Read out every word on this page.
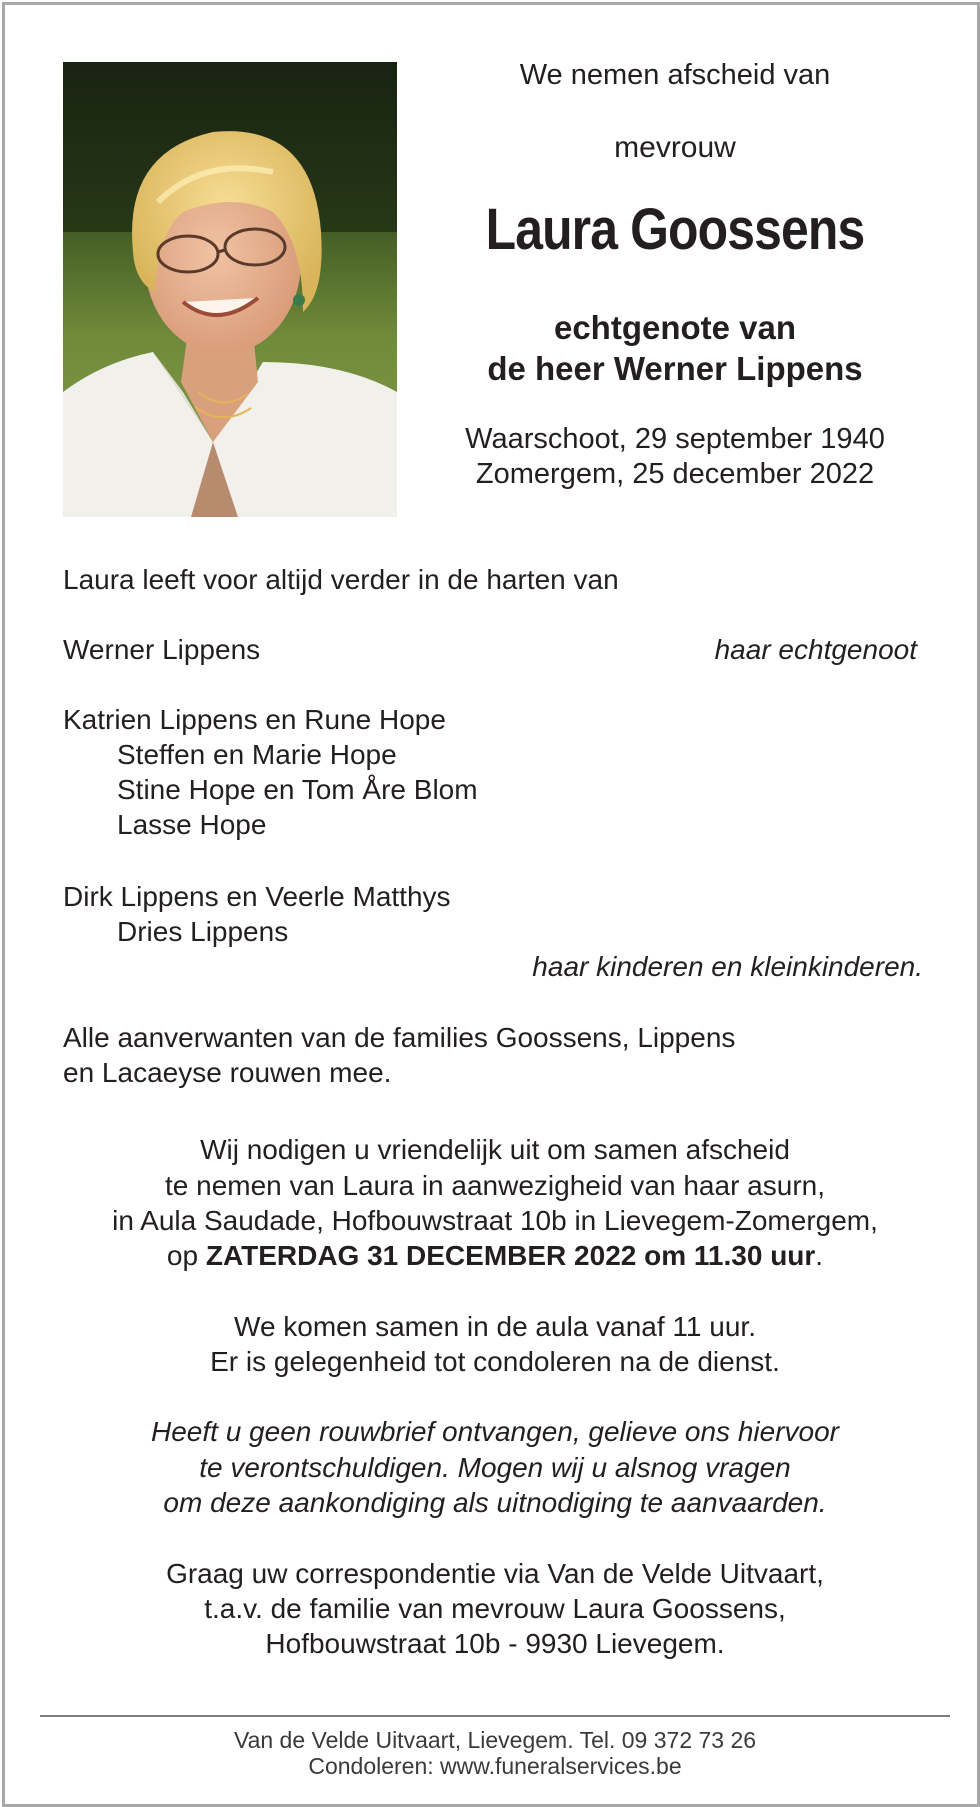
We nemen afscheid van
mevrouw
Laura Goossens
echtgenote van
de heer Werner Lippens
Waarschoot, 29 september 1940
Zomergem, 25 december 2022
Laura leeft voor altijd verder in de harten van
Werner Lippens	haar echtgenoot
Katrien Lippens en Rune Hope
Steffen en Marie Hope
Stine Hope en Tom Åre Blom
Lasse Hope
Dirk Lippens en Veerle Matthys
Dries Lippens
haar kinderen en kleinkinderen.
Alle aanverwanten van de families Goossens, Lippens
en Lacaeyse rouwen mee.
Wij nodigen u vriendelijk uit om samen afscheid
te nemen van Laura in aanwezigheid van haar asurn,
in Aula Saudade, Hofbouwstraat 10b in Lievegem-Zomergem,
op ZATERDAG 31 DECEMBER 2022 om 11.30 uur.
We komen samen in de aula vanaf 11 uur.
Er is gelegenheid tot condoleren na de dienst.
Heeft u geen rouwbrief ontvangen, gelieve ons hiervoor
te verontschuldigen. Mogen wij u alsnog vragen
om deze aankondiging als uitnodiging te aanvaarden.
Graag uw correspondentie via Van de Velde Uitvaart,
t.a.v. de familie van mevrouw Laura Goossens,
Hofbouwstraat 10b - 9930 Lievegem.
Van de Velde Uitvaart, Lievegem. Tel. 09 372 73 26
Condoleren: www.funeralservices.be
